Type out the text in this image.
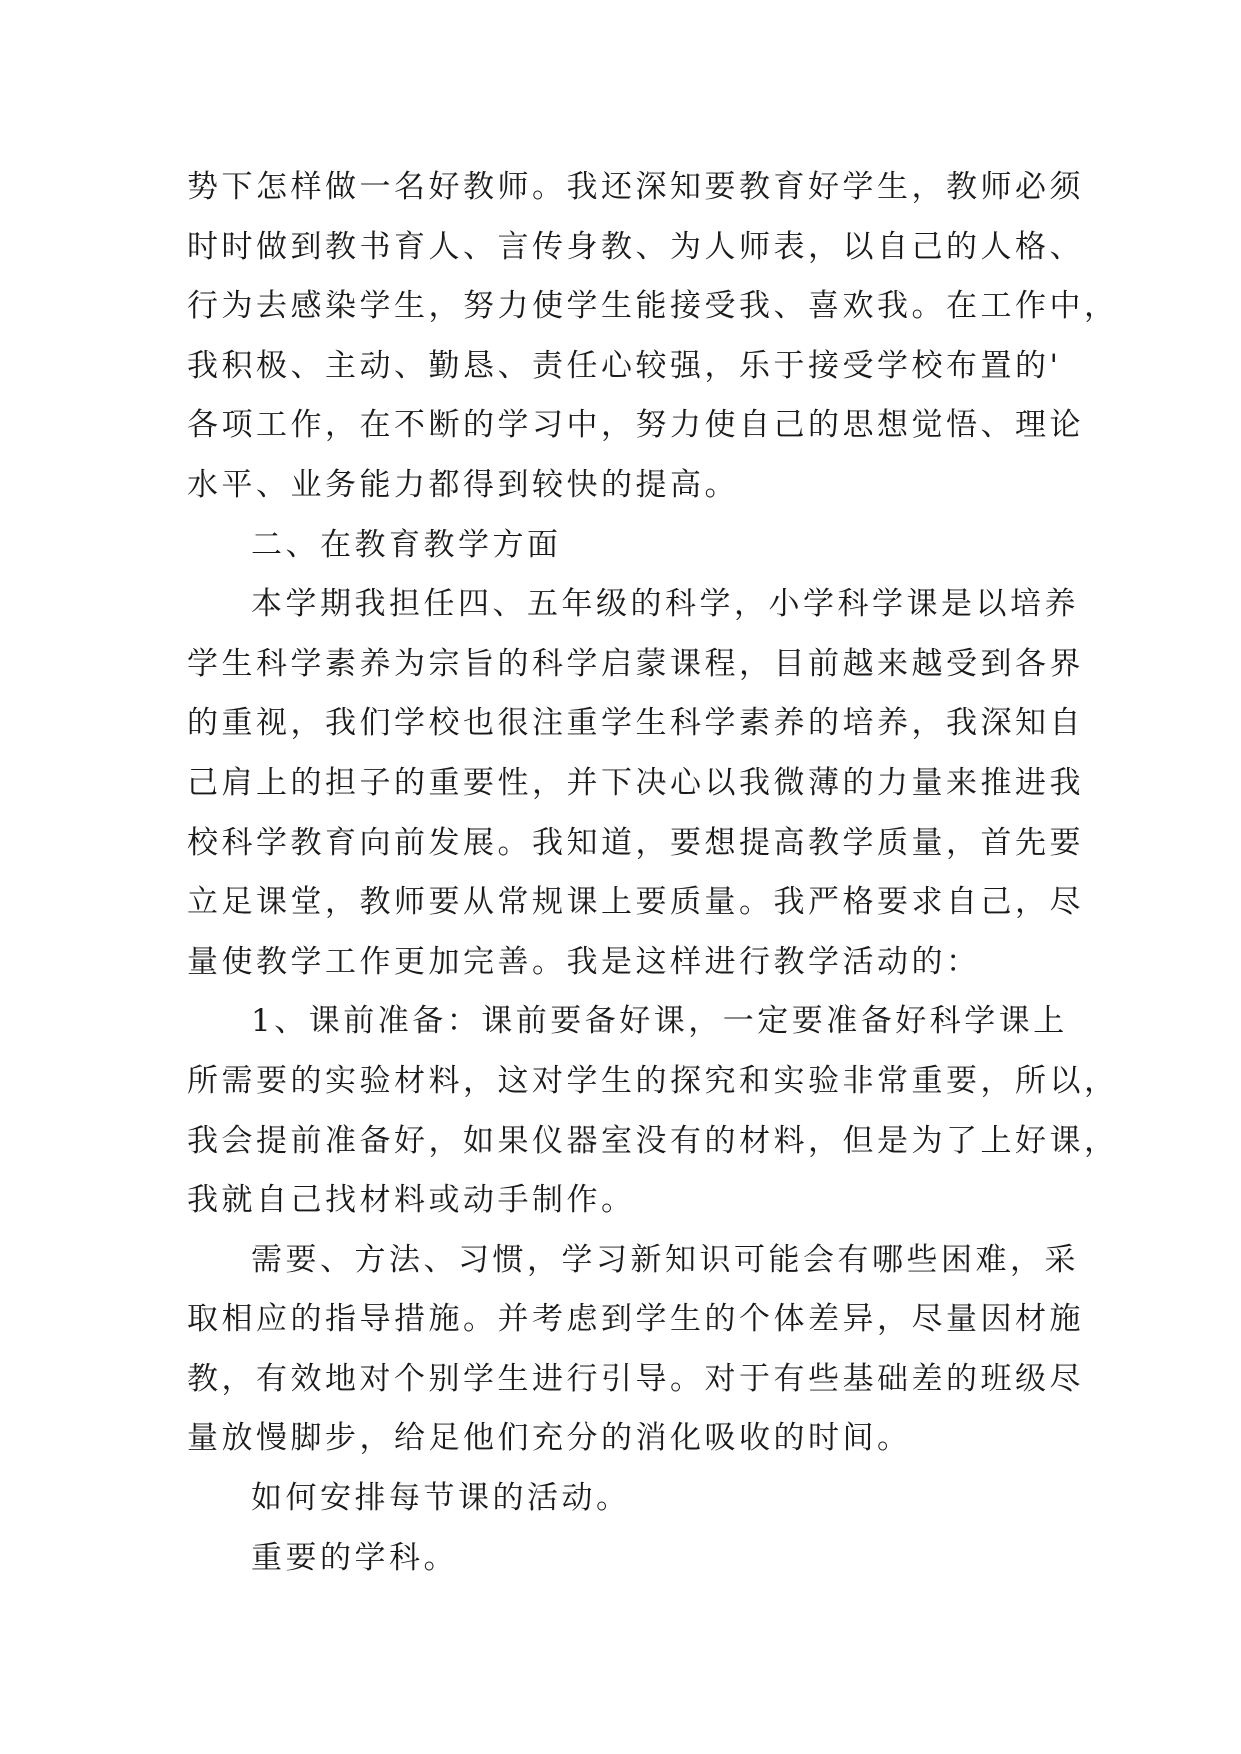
势下怎样做一名好教师。我还深知要教育好学生，教师必须
时时做到教书育人、言传身教、为人师表，以自己的人格、
行为去感染学生，努力使学生能接受我、喜欢我。在工作中，
我积极、主动、勤恳、责任心较强，乐于接受学校布置的'
各项工作，在不断的学习中，努力使自己的思想觉悟、理论
水平、业务能力都得到较快的提高。
二、在教育教学方面
本学期我担任四、五年级的科学，小学科学课是以培养
学生科学素养为宗旨的科学启蒙课程，目前越来越受到各界
的重视，我们学校也很注重学生科学素养的培养，我深知自
己肩上的担子的重要性，并下决心以我微薄的力量来推进我
校科学教育向前发展。我知道，要想提高教学质量，首先要
立足课堂，教师要从常规课上要质量。我严格要求自己，尽
量使教学工作更加完善。我是这样进行教学活动的：
1、课前准备：课前要备好课，一定要准备好科学课上
所需要的实验材料，这对学生的探究和实验非常重要，所以，
我会提前准备好，如果仪器室没有的材料，但是为了上好课，
我就自己找材料或动手制作。
需要、方法、习惯，学习新知识可能会有哪些困难，采
取相应的指导措施。并考虑到学生的个体差异，尽量因材施
教，有效地对个别学生进行引导。对于有些基础差的班级尽
量放慢脚步，给足他们充分的消化吸收的时间。
如何安排每节课的活动。
重要的学科。
